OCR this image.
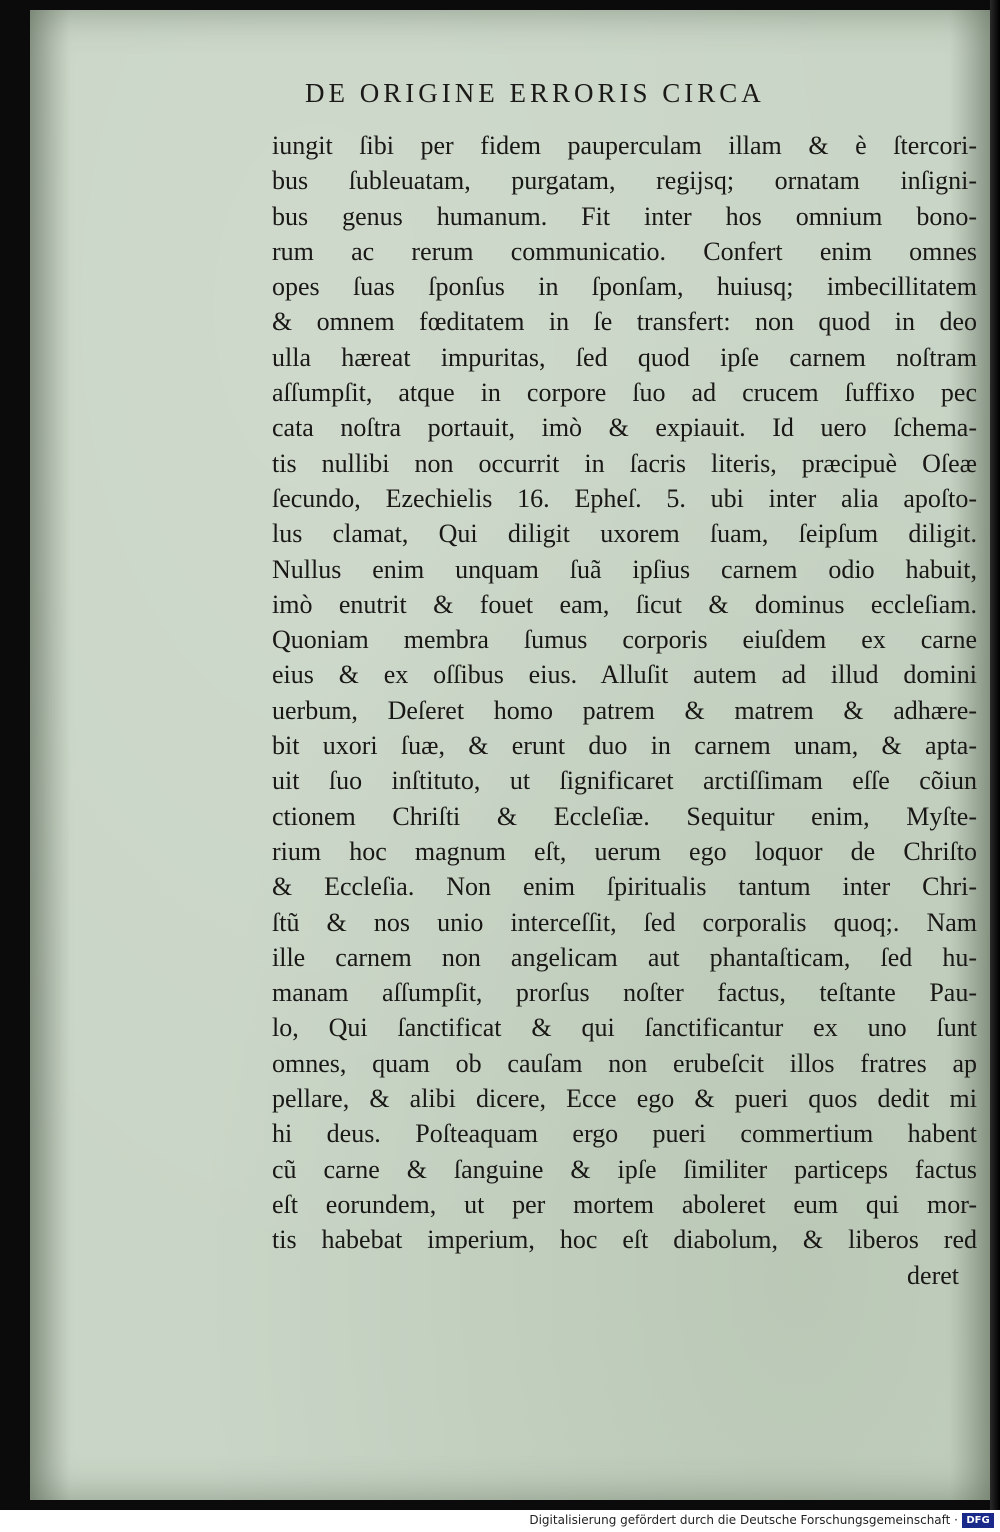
DE ORIGINE ERRORIS CIRCA
iungit ſibi per fidem pauperculam illam & è ſtercori-
bus ſubleuatam, purgatam, regijsq; ornatam inſigni-
bus genus humanum. Fit inter hos omnium bono-
rum ac rerum communicatio. Confert enim omnes
opes ſuas ſponſus in ſponſam, huiusq; imbecillitatem
& omnem fœditatem in ſe transfert: non quod in deo
ulla hæreat impuritas, ſed quod ipſe carnem noſtram
aſſumpſit, atque in corpore ſuo ad crucem ſuffixo pec
cata noſtra portauit, imò & expiauit. Id uero ſchema-
tis nullibi non occurrit in ſacris literis, præcipuè Oſeæ
ſecundo, Ezechielis 16. Epheſ. 5. ubi inter alia apoſto-
lus clamat, Qui diligit uxorem ſuam, ſeipſum diligit.
Nullus enim unquam ſuã ipſius carnem odio habuit,
imò enutrit & fouet eam, ſicut & dominus eccleſiam.
Quoniam membra ſumus corporis eiuſdem ex carne
eius & ex oſſibus eius. Alluſit autem ad illud domini
uerbum, Deſeret homo patrem & matrem & adhære-
bit uxori ſuæ, & erunt duo in carnem unam, & apta-
uit ſuo inſtituto, ut ſignificaret arctiſſimam eſſe cõiun
ctionem Chriſti & Eccleſiæ. Sequitur enim, Myſte-
rium hoc magnum eſt, uerum ego loquor de Chriſto
& Eccleſia. Non enim ſpiritualis tantum inter Chri-
ſtũ & nos unio interceſſit, ſed corporalis quoq;. Nam
ille carnem non angelicam aut phantaſticam, ſed hu-
manam aſſumpſit, prorſus noſter factus, teſtante Pau-
lo, Qui ſanctificat & qui ſanctificantur ex uno ſunt
omnes, quam ob cauſam non erubeſcit illos fratres ap
pellare, & alibi dicere, Ecce ego & pueri quos dedit mi
hi deus. Poſteaquam ergo pueri commertium habent
cũ carne & ſanguine & ipſe ſimiliter particeps factus
eſt eorundem, ut per mortem aboleret eum qui mor-
tis habebat imperium, hoc eſt diabolum, & liberos red
deret
Digitalisierung gefördert durch die Deutsche Forschungsgemeinschaft · DFG
